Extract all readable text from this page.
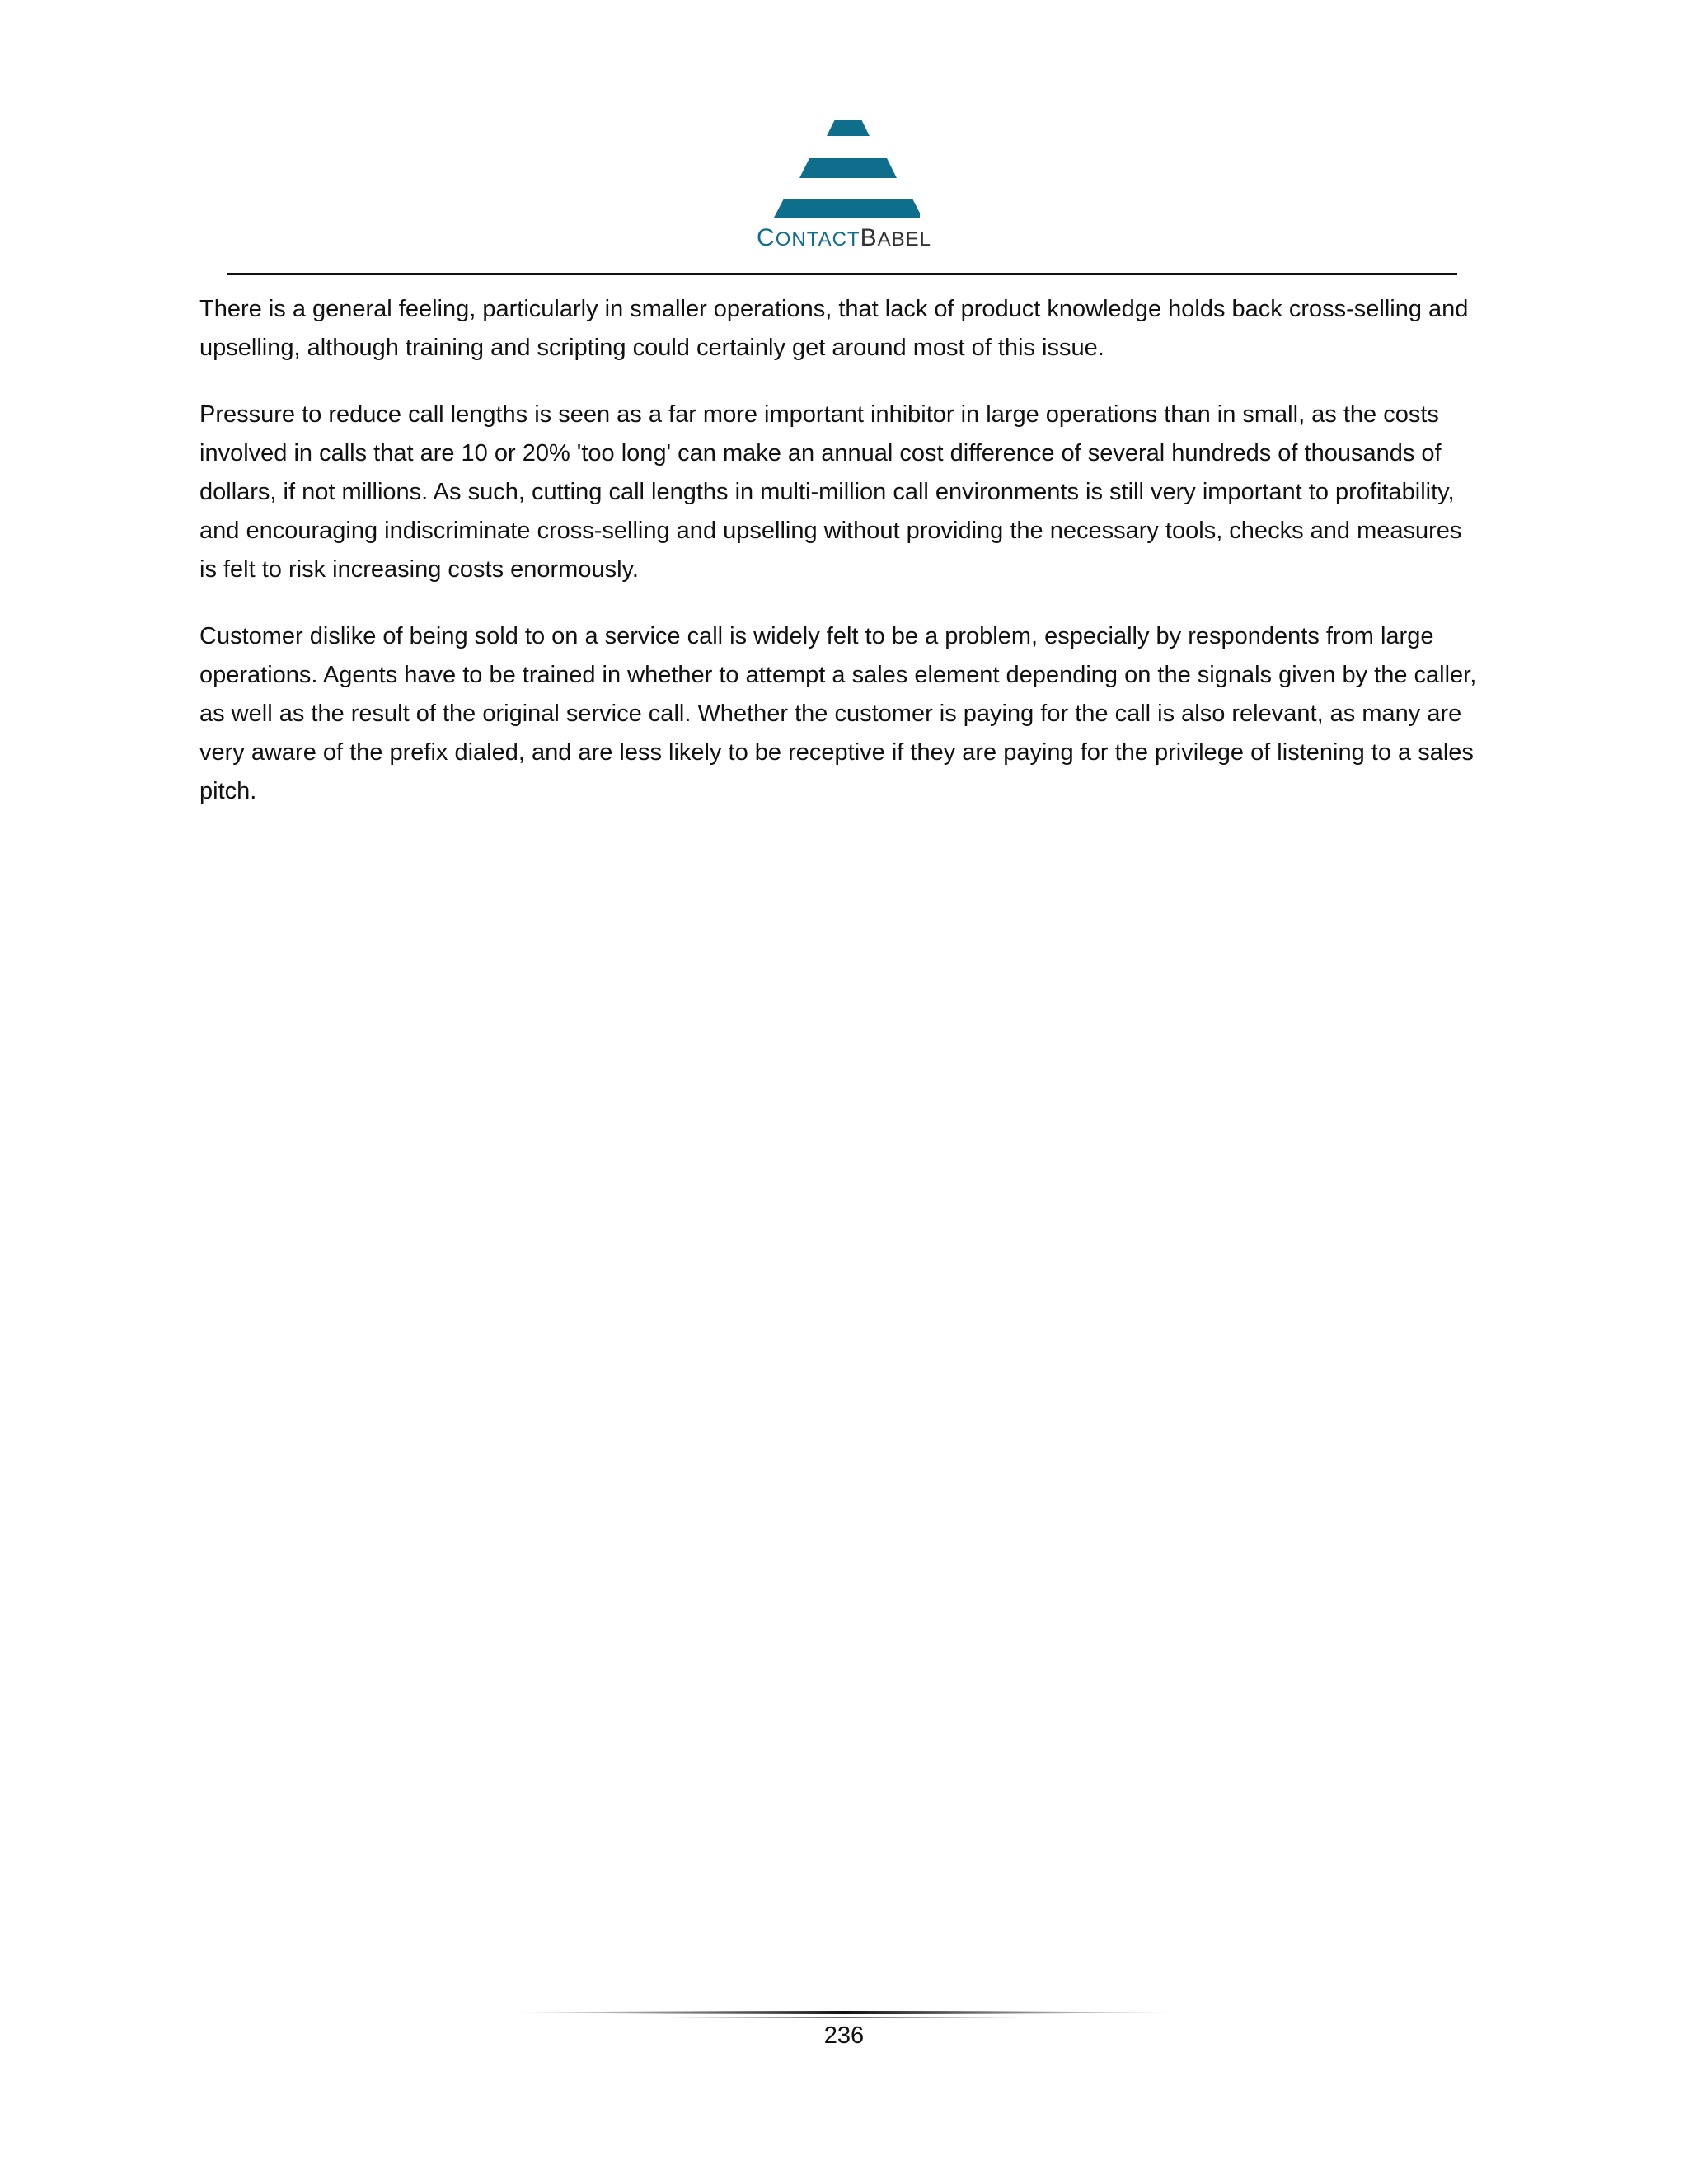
CONTACTBABEL

There is a general feeling, particularly in smaller operations, that lack of product knowledge holds back cross-selling and upselling, although training and scripting could certainly get around most of this issue.

Pressure to reduce call lengths is seen as a far more important inhibitor in large operations than in small, as the costs involved in calls that are 10 or 20% 'too long' can make an annual cost difference of several hundreds of thousands of dollars, if not millions. As such, cutting call lengths in multi-million call environments is still very important to profitability, and encouraging indiscriminate cross-selling and upselling without providing the necessary tools, checks and measures is felt to risk increasing costs enormously.

Customer dislike of being sold to on a service call is widely felt to be a problem, especially by respondents from large operations. Agents have to be trained in whether to attempt a sales element depending on the signals given by the caller, as well as the result of the original service call. Whether the customer is paying for the call is also relevant, as many are very aware of the prefix dialed, and are less likely to be receptive if they are paying for the privilege of listening to a sales pitch.

236
